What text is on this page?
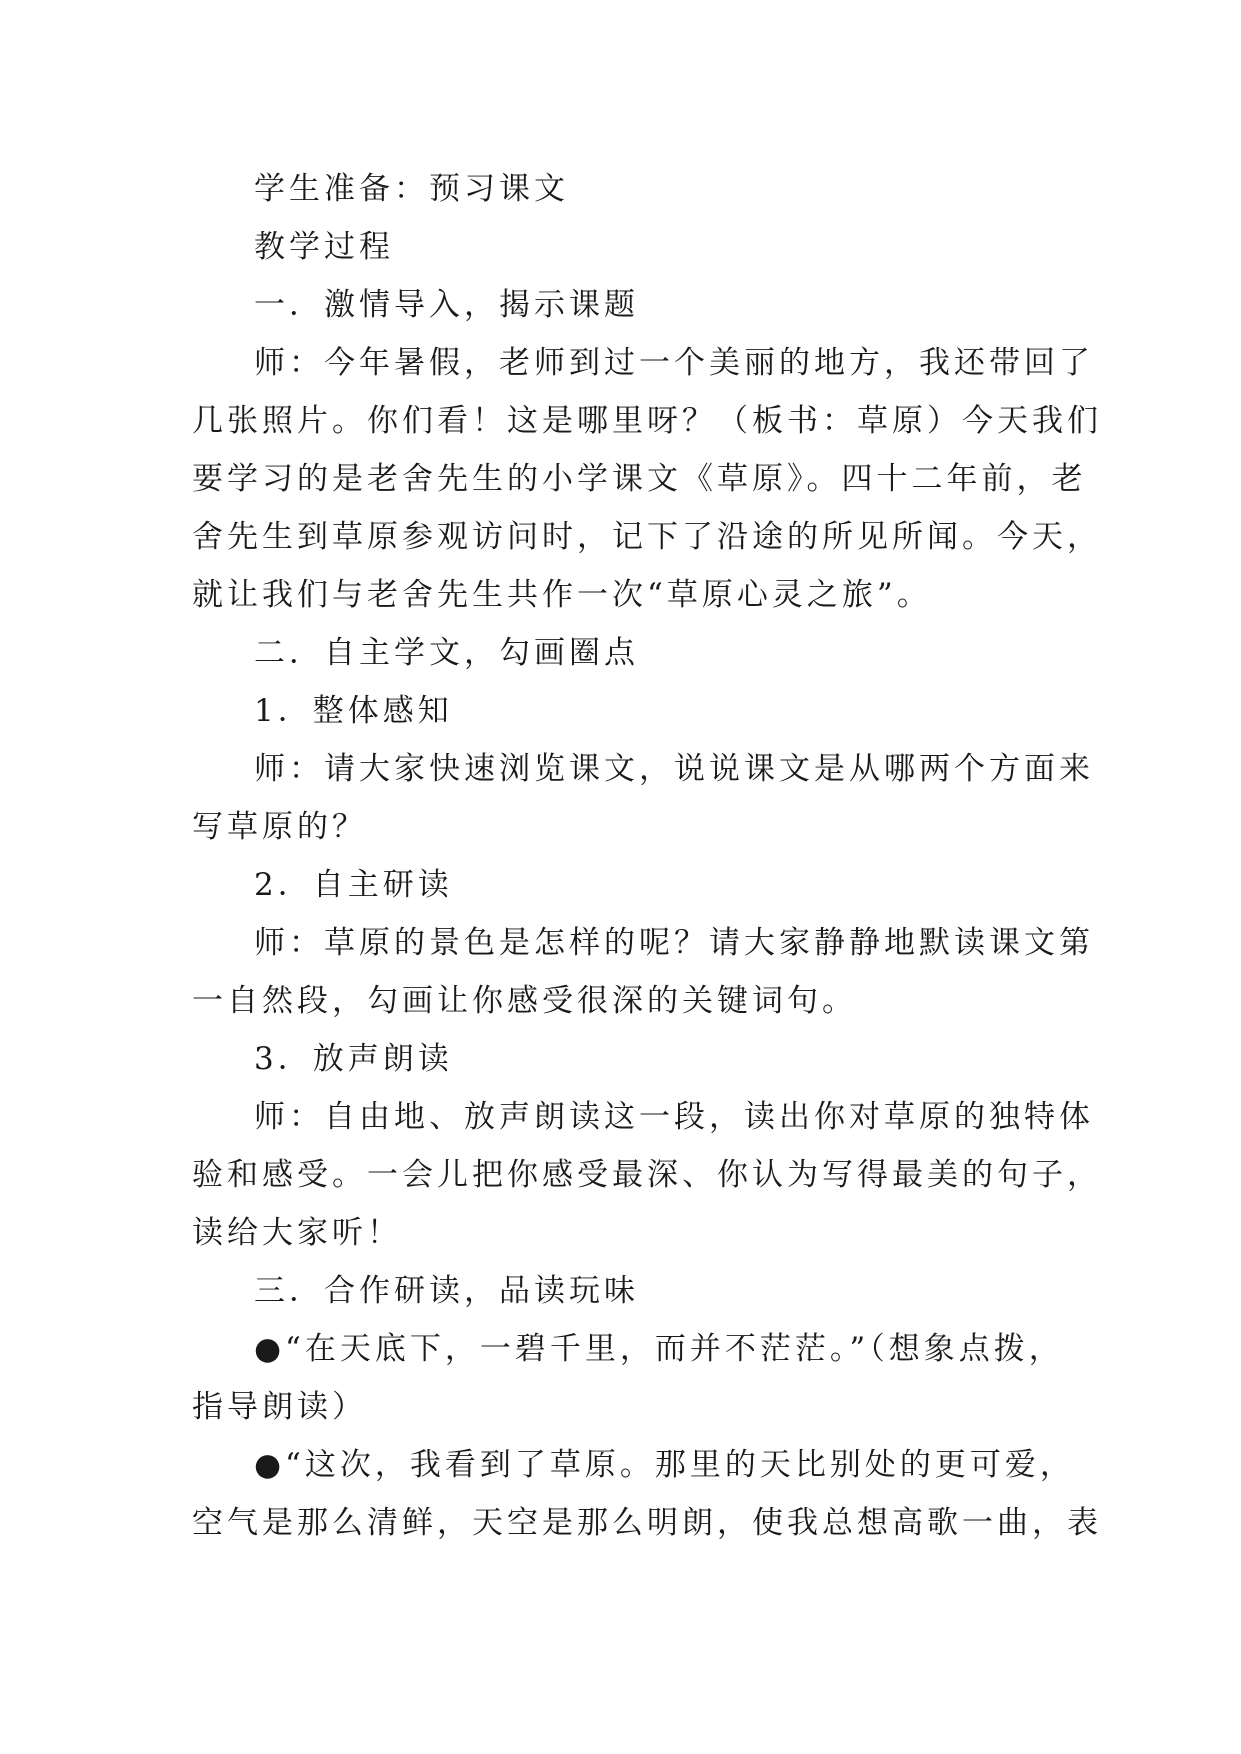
学生准备：预习课文
教学过程
一．激情导入，揭示课题
师：今年暑假，老师到过一个美丽的地方，我还带回了
几张照片。你们看！这是哪里呀？（板书：草原）今天我们
要学习的是老舍先生的小学课文《草原》。四十二年前，老
舍先生到草原参观访问时，记下了沿途的所见所闻。今天，
就让我们与老舍先生共作一次“草原心灵之旅”。
二．自主学文，勾画圈点
1．整体感知
师：请大家快速浏览课文，说说课文是从哪两个方面来
写草原的？
2．自主研读
师：草原的景色是怎样的呢？请大家静静地默读课文第
一自然段，勾画让你感受很深的关键词句。
3．放声朗读
师：自由地、放声朗读这一段，读出你对草原的独特体
验和感受。一会儿把你感受最深、你认为写得最美的句子，
读给大家听！
三．合作研读，品读玩味
●“在天底下，一碧千里，而并不茫茫。”（想象点拨，
指导朗读）
●“这次，我看到了草原。那里的天比别处的更可爱，
空气是那么清鲜，天空是那么明朗，使我总想高歌一曲，表
